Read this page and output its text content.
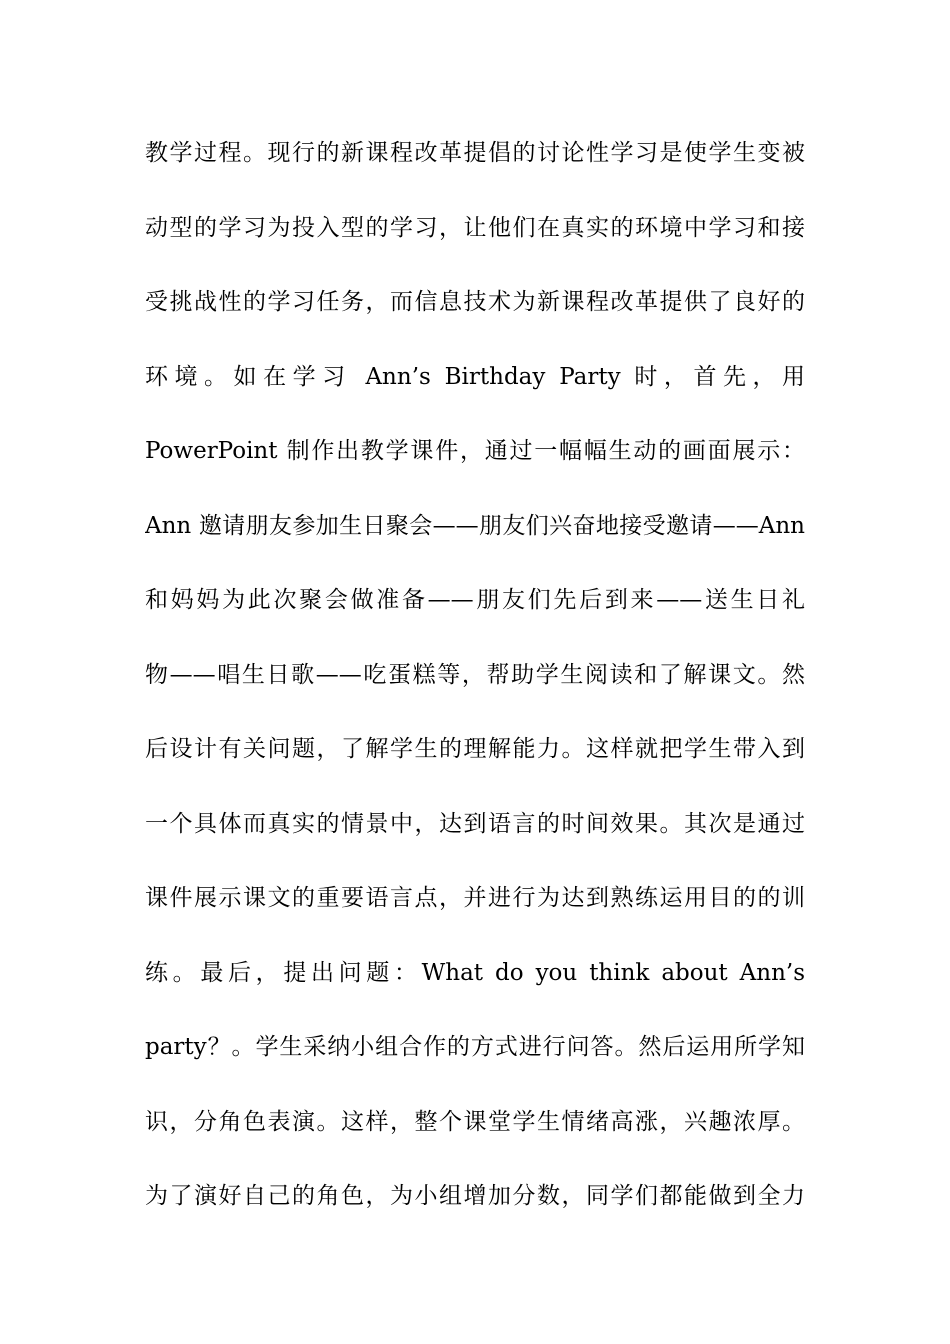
教学过程。现行的新课程改革提倡的讨论性学习是使学生变被
动型的学习为投入型的学习，让他们在真实的环境中学习和接
受挑战性的学习任务，而信息技术为新课程改革提供了良好的
环境。如在学习 Ann’s Birthday Party 时，首先，用
PowerPoint 制作出教学课件，通过一幅幅生动的画面展示：
Ann 邀请朋友参加生日聚会——朋友们兴奋地接受邀请——Ann
和妈妈为此次聚会做准备——朋友们先后到来——送生日礼
物——唱生日歌——吃蛋糕等，帮助学生阅读和了解课文。然
后设计有关问题，了解学生的理解能力。这样就把学生带入到
一个具体而真实的情景中，达到语言的时间效果。其次是通过
课件展示课文的重要语言点，并进行为达到熟练运用目的的训
练。最后，提出问题：What do you think about Ann’s
party？。学生采纳小组合作的方式进行问答。然后运用所学知
识，分角色表演。这样，整个课堂学生情绪高涨，兴趣浓厚。
为了演好自己的角色，为小组增加分数，同学们都能做到全力
